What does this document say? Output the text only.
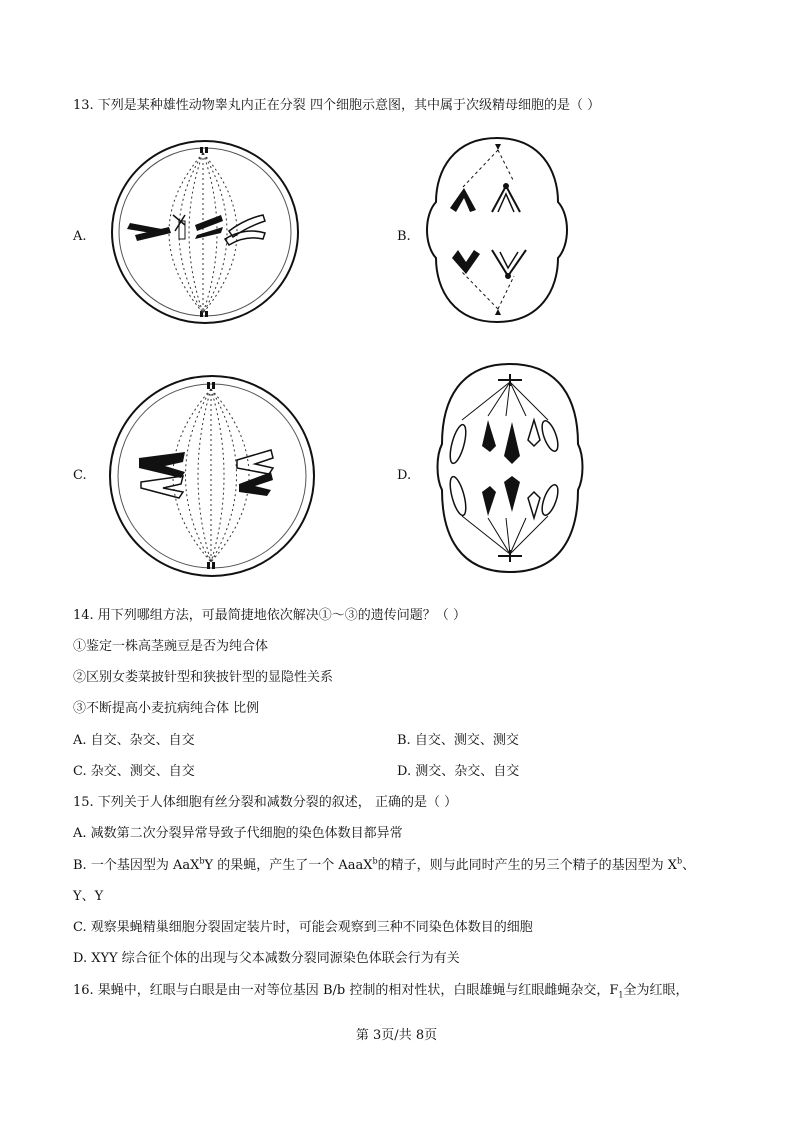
13. 下列是某种雄性动物睾丸内正在分裂 四个细胞示意图，其中属于次级精母细胞的是（ ）
A.	B.
C.	D.
14. 用下列哪组方法，可最简捷地依次解决①～③的遗传问题？（ ）
①鉴定一株高茎豌豆是否为纯合体
②区别女娄菜披针型和狭披针型的显隐性关系
③不断提高小麦抗病纯合体 比例
A. 自交、杂交、自交	B. 自交、测交、测交
C. 杂交、测交、自交	D. 测交、杂交、自交
15. 下列关于人体细胞有丝分裂和减数分裂的叙述， 正确的是（ ）
A. 减数第二次分裂异常导致子代细胞的染色体数目都异常
B. 一个基因型为 AaX$^b$Y 的果蝇，产生了一个 AaaX$^b$的精子，则与此同时产生的另三个精子的基因型为 $X^b$、
Y、Y
C. 观察果蝇精巢细胞分裂固定装片时，可能会观察到三种不同染色体数目的细胞
D. XYY 综合征个体的出现与父本减数分裂同源染色体联会行为有关
16. 果蝇中，红眼与白眼是由一对等位基因 B/b 控制的相对性状，白眼雄蝇与红眼雌蝇杂交，$F_1$全为红眼，
第 3页/共 8页
